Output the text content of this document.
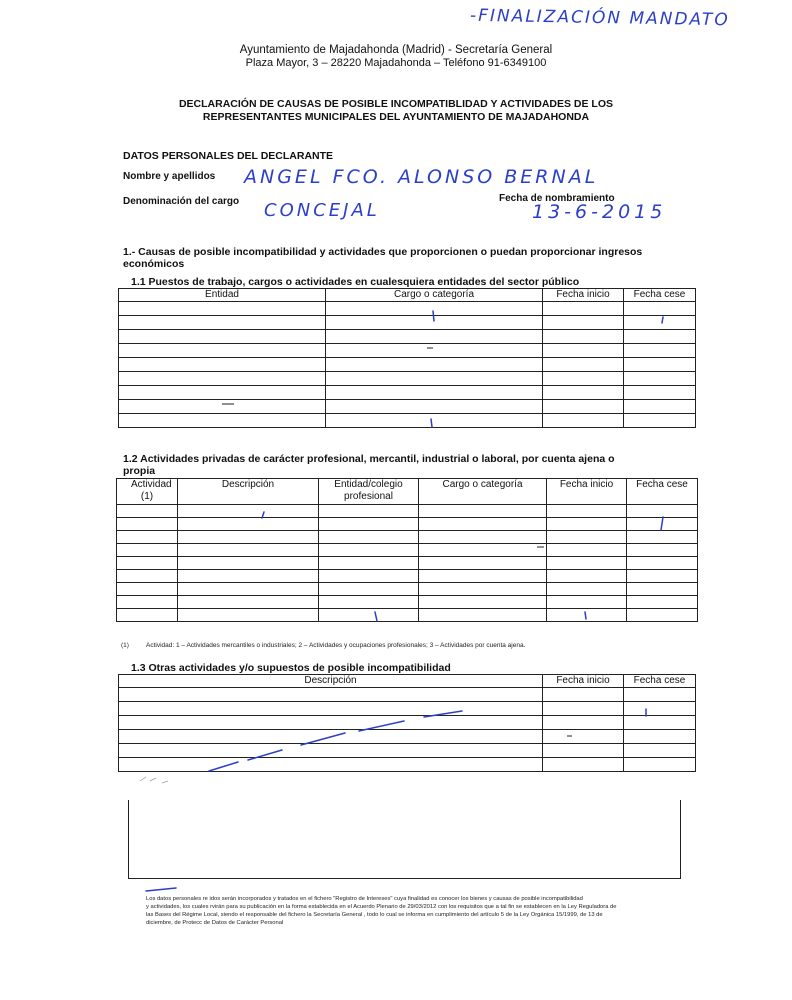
-FINALIZACIÓN MANDATO
Ayuntamiento de Majadahonda (Madrid) - Secretaría General
Plaza Mayor, 3 – 28220 Majadahonda – Teléfono 91-6349100
DECLARACIÓN DE CAUSAS DE POSIBLE INCOMPATIBLIDAD Y ACTIVIDADES DE LOS
REPRESENTANTES MUNICIPALES DEL AYUNTAMIENTO DE MAJADAHONDA
DATOS PERSONALES DEL DECLARANTE
Nombre y apellidos ANGEL FCO. ALONSO BERNAL
Denominación del cargo CONCEJAL
Fecha de nombramiento
13-6-2015
1.- Causas de posible incompatibilidad y actividades que proporcionen o puedan proporcionar ingresos
económicos
1.1 Puestos de trabajo, cargos o actividades en cualesquiera entidades del sector público
Entidad	Cargo o categoría	Fecha inicio	Fecha cese

1.2 Actividades privadas de carácter profesional, mercantil, industrial o laboral, por cuenta ajena o
propia
Actividad (1)	Descripción	Entidad/colegio profesional	Cargo o categoría	Fecha inicio	Fecha cese

(1)	Actividad: 1 – Actividades mercantiles o industriales; 2 – Actividades y ocupaciones profesionales; 3 – Actividades por cuenta ajena.
1.3 Otras actividades y/o supuestos de posible incompatibilidad
Descripción	Fecha inicio	Fecha cese

Los datos personales re idos serán incorporados y tratados en el fichero "Registro de Intereses" cuya finalidad es conocer los bienes y causas de posible incompatibilidad
y actividades, los cuales rvirán para su publicación en la forma establecida en el Acuerdo Plenario de 29/03/2012 con los requisitos que a tal fin se establecen en la Ley Reguladora de
las Bases del Régime Local, siendo el responsable del fichero la Secretaría General , todo lo cual se informa en cumplimiento del artículo 5 de la Ley Orgánica 15/1999, de 13 de
diciembre, de Protecc de Datos de Carácter Personal
